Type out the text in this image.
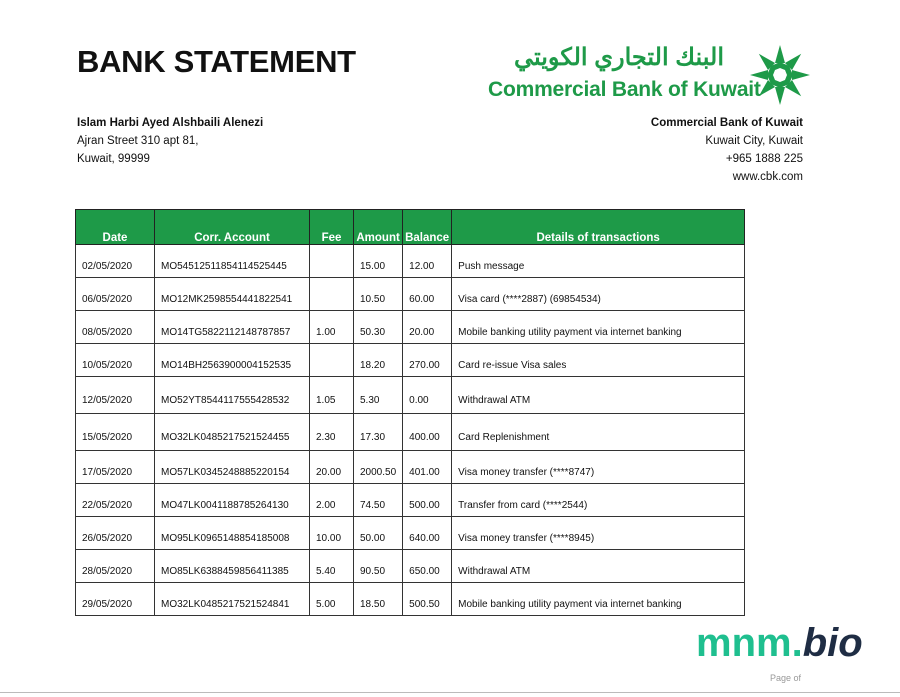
BANK STATEMENT
Islam Harbi Ayed Alshbaili Alenezi
Ajran Street 310 apt 81,
Kuwait, 99999
البنك التجاري الكويتي
Commercial Bank of Kuwait
Commercial Bank of Kuwait
Kuwait City, Kuwait
+965 1888 225
www.cbk.com
Date	Corr. Account	Fee	Amount	Balance	Details of transactions
02/05/2020	MO54512511854114525445		15.00	12.00	Push message
06/05/2020	MO12MK2598554441822541		10.50	60.00	Visa card (****2887) (69854534)
08/05/2020	MO14TG5822112148787857	1.00	50.30	20.00	Mobile banking utility payment via internet banking
10/05/2020	MO14BH2563900004152535		18.20	270.00	Card re-issue Visa sales
12/05/2020	MO52YT8544117555428532	1.05	5.30	0.00	Withdrawal ATM
15/05/2020	MO32LK0485217521524455	2.30	17.30	400.00	Card Replenishment
17/05/2020	MO57LK0345248885220154	20.00	2000.50	401.00	Visa money transfer (****8747)
22/05/2020	MO47LK0041188785264130	2.00	74.50	500.00	Transfer from card (****2544)
26/05/2020	MO95LK0965148854185008	10.00	50.00	640.00	Visa money transfer (****8945)
28/05/2020	MO85LK6388459856411385	5.40	90.50	650.00	Withdrawal ATM
29/05/2020	MO32LK0485217521524841	5.00	18.50	500.50	Mobile banking utility payment via internet banking
mnm.bio
Page of
